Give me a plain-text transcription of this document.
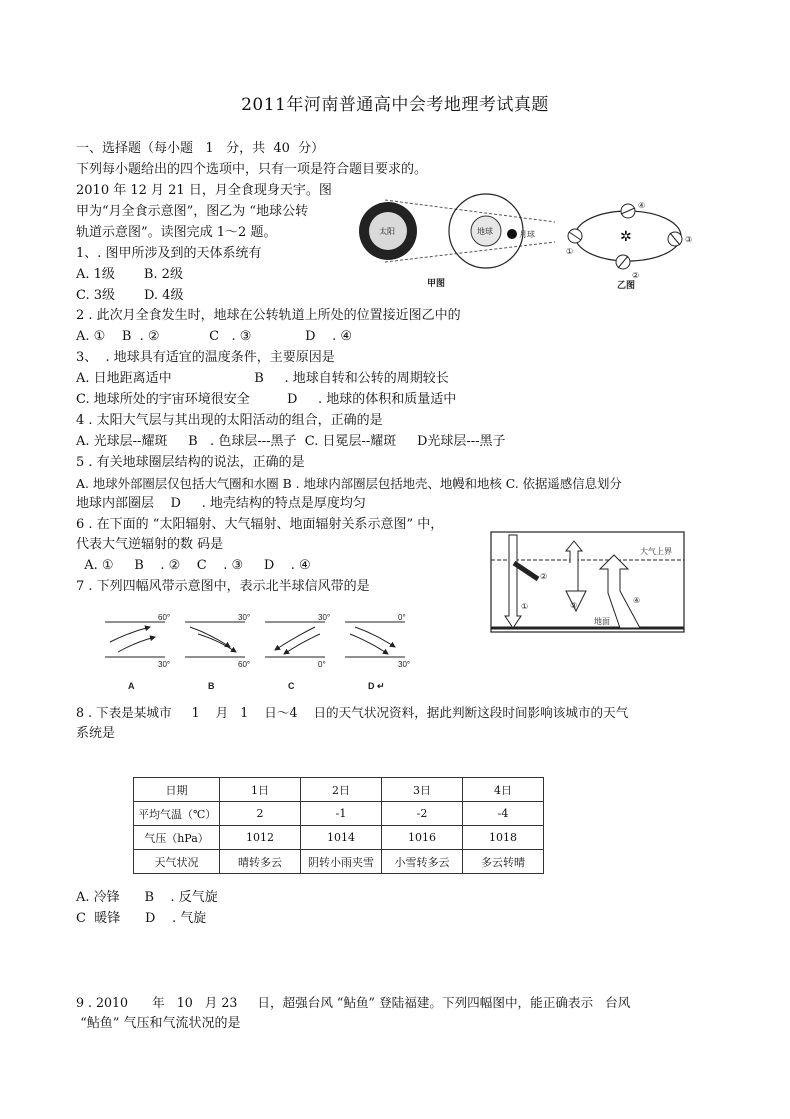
2011年河南普通高中会考地理考试真题
一、选择题（每小题   1   分，共  40  分）
下列每小题给出的四个选项中，只有一项是符合题目要求的。
2010 年 12 月 21 日，月全食现身天宇。图
甲为“月全食示意图”，图乙为 “地球公转
轨道示意图”。读图完成 1～2 题。
1、. 图甲所涉及到的天体系统有
A. 1级       B. 2级
C. 3级       D. 4级
2 . 此次月全食发生时，地球在公转轨道上所处的位置接近图乙中的
A. ①    B  . ②            C   . ③             D    . ④
3、  . 地球具有适宜的温度条件，主要原因是
A. 日地距离适中                    B     . 地球自转和公转的周期较长
C. 地球所处的宇宙环境很安全         D     . 地球的体积和质量适中
4 . 太阳大气层与其出现的太阳活动的组合，正确的是
A. 光球层--耀斑     B   . 色球层---黑子  C. 日冕层--耀斑     D光球层---黑子
5 . 有关地球圈层结构的说法，正确的是
A. 地球外部圈层仅包括大气圈和水圈 B . 地球内部圈层包括地壳、地幔和地核 C. 依据遥感信息划分
地球内部圈层    D     . 地壳结构的特点是厚度均匀
6 . 在下面的 “太阳辐射、大气辐射、地面辐射关系示意图” 中，
代表大气逆辐射的数 码是
A. ①     B    . ②    C    . ③     D    . ④
7 . 下列四幅风带示意图中，表示北半球信风带的是
8 . 下表是某城市     1    月   1    日～4    日的天气状况资料，据此判断这段时间影响该城市的天气
系统是
A. 冷锋      B    . 反气旋
C  暖锋      D    . 气旋
9 . 2010      年   10   月 23     日，超强台风 “鲇鱼” 登陆福建。下列四幅图中，能正确表示   台风
“鲇鱼” 气压和气流状况的是
太阳	地球	月球
甲图
✲
④
③
②
①
乙图
大气上界
地面
①
②
③
④
60°
30°
A
30°
60°
B
30°
0°
C
0°
30°
D ↵
日期	1日	2日	3日	4日
平均气温（℃）	2	-1	-2	-4
气压（hPa）	1012	1014	1016	1018
天气状况	晴转多云	阴转小雨夹雪	小雪转多云	多云转晴
